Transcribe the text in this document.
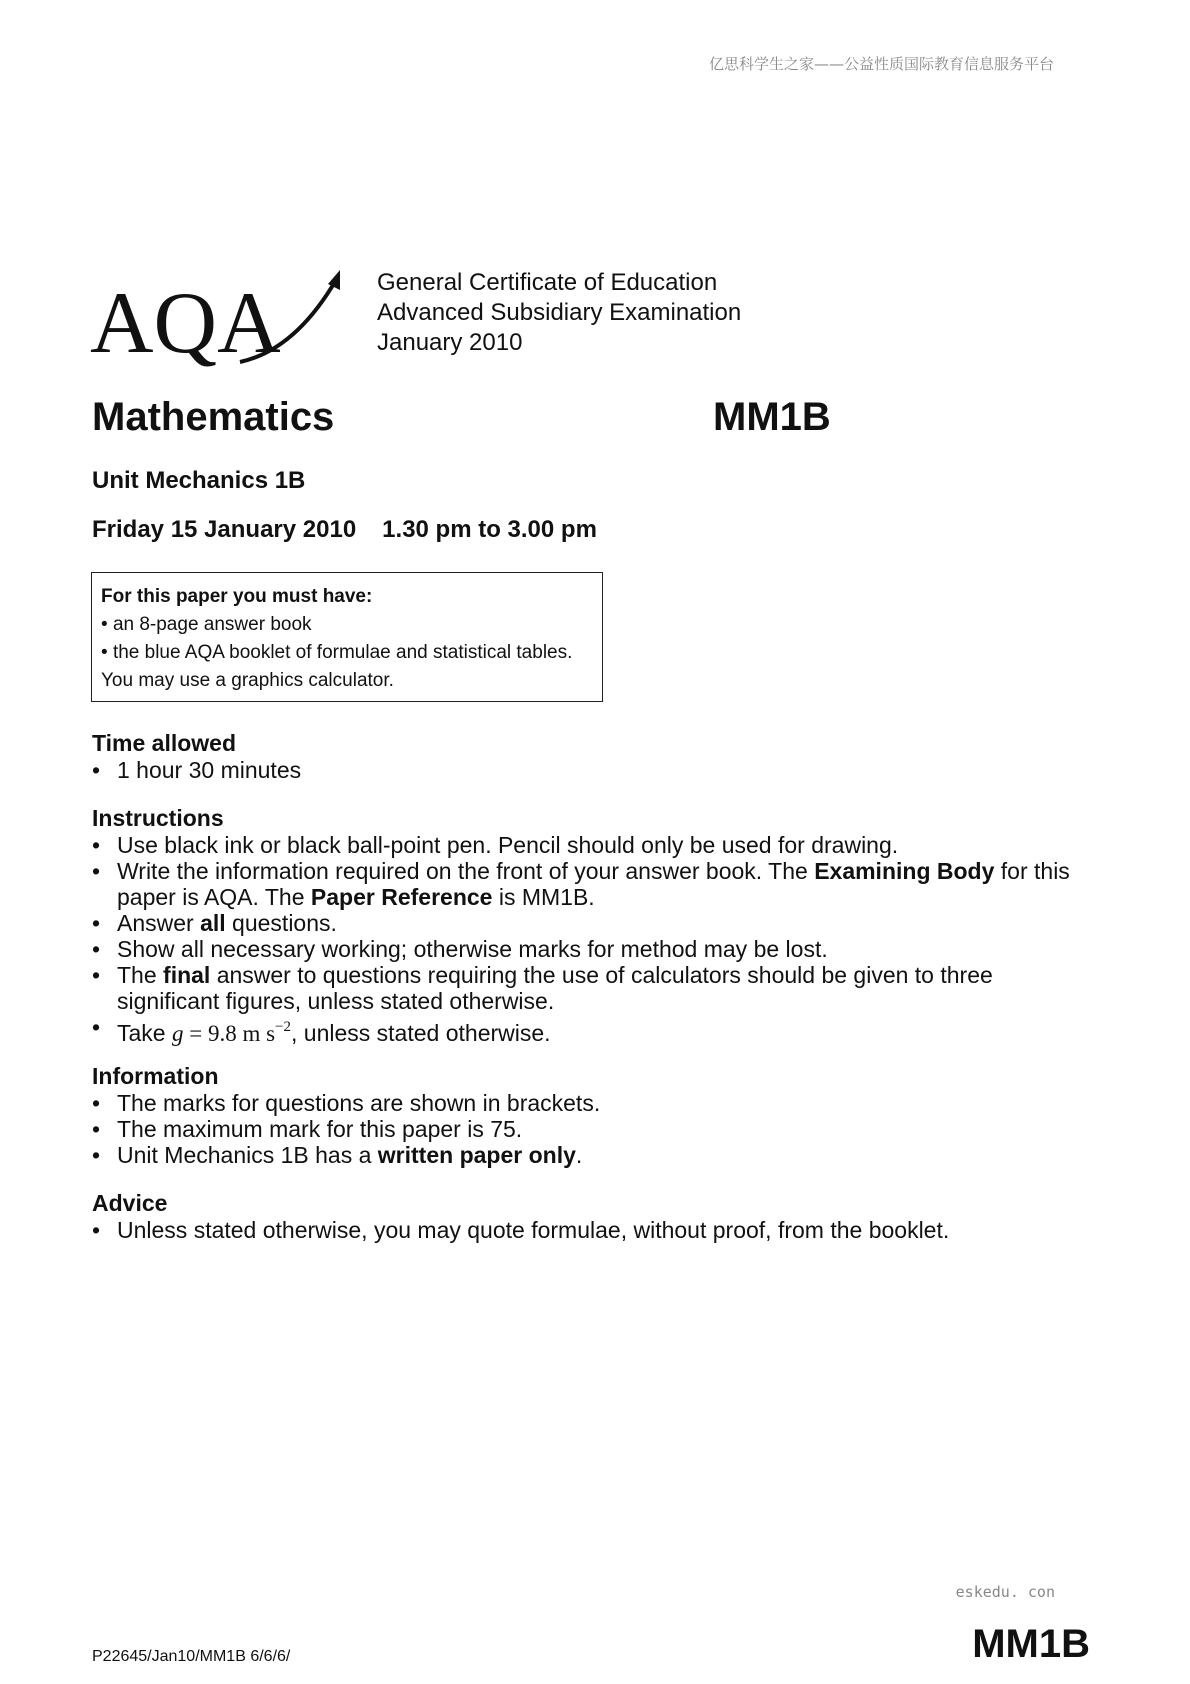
亿思科学生之家——公益性质国际教育信息服务平台
AQA	General Certificate of Education
Advanced Subsidiary Examination
January 2010
Mathematics	MM1B
Unit Mechanics 1B
Friday 15 January 2010 1.30 pm to 3.00 pm
For this paper you must have:
• an 8-page answer book
• the blue AQA booklet of formulae and statistical tables.
You may use a graphics calculator.
Time allowed
• 1 hour 30 minutes
Instructions
• Use black ink or black ball-point pen. Pencil should only be used for drawing.
• Write the information required on the front of your answer book. The Examining Body for this paper is AQA. The Paper Reference is MM1B.
• Answer all questions.
• Show all necessary working; otherwise marks for method may be lost.
• The final answer to questions requiring the use of calculators should be given to three significant figures, unless stated otherwise.
• Take g = 9.8 m $s^{-2}$, unless stated otherwise.
Information
• The marks for questions are shown in brackets.
• The maximum mark for this paper is 75.
• Unit Mechanics 1B has a written paper only.
Advice
• Unless stated otherwise, you may quote formulae, without proof, from the booklet.
eskedu. con
P22645/Jan10/MM1B 6/6/6/	MM1B
